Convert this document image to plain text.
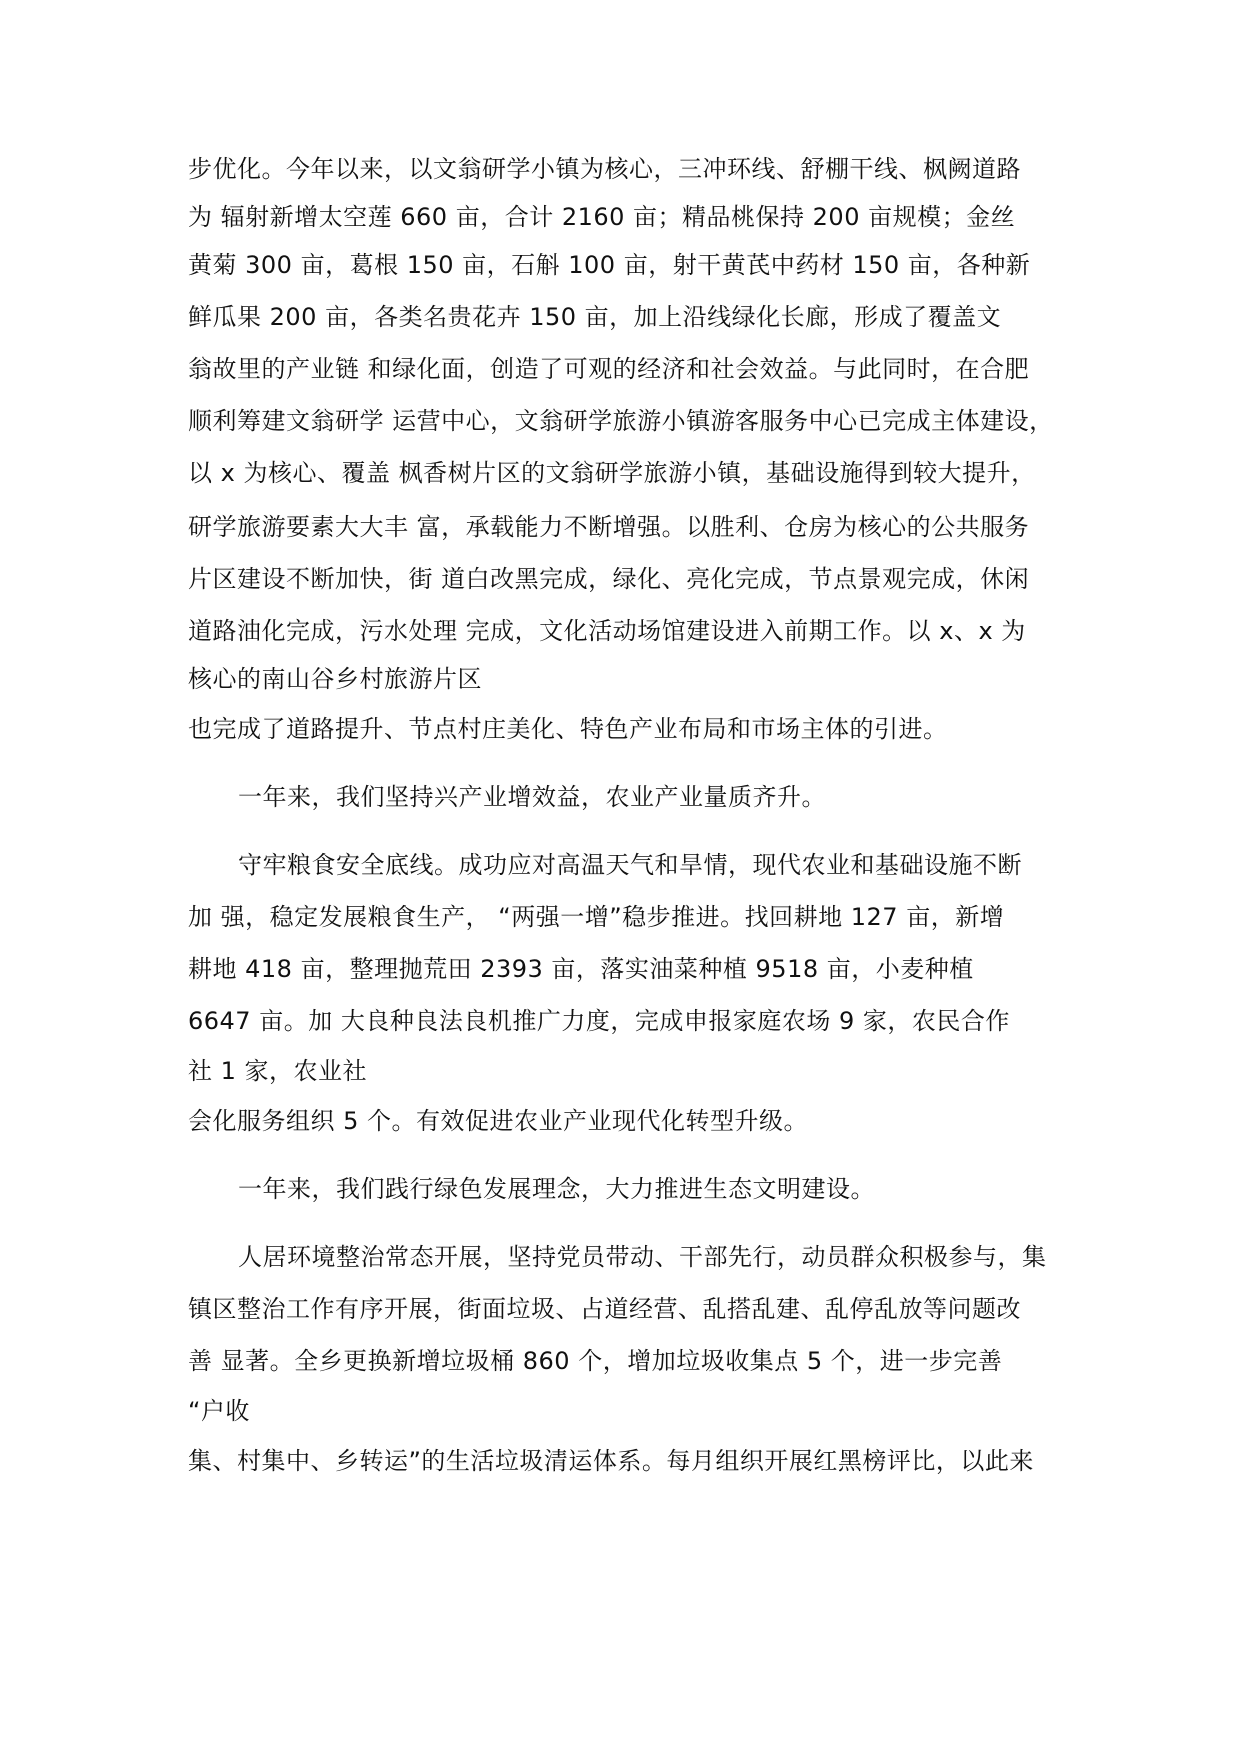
步优化。今年以来，以文翁研学小镇为核心，三冲环线、舒棚干线、枫阙道路
为 辐射新增太空莲 660 亩，合计 2160 亩；精品桃保持 200 亩规模；金丝
黄菊 300 亩，葛根 150 亩，石斛 100 亩，射干黄芪中药材 150 亩，各种新
鲜瓜果 200 亩，各类名贵花卉 150 亩，加上沿线绿化长廊，形成了覆盖文
翁故里的产业链 和绿化面，创造了可观的经济和社会效益。与此同时，在合肥
顺利筹建文翁研学 运营中心，文翁研学旅游小镇游客服务中心已完成主体建设，
以 x 为核心、覆盖 枫香树片区的文翁研学旅游小镇，基础设施得到较大提升，
研学旅游要素大大丰 富，承载能力不断增强。以胜利、仓房为核心的公共服务
片区建设不断加快，街 道白改黑完成，绿化、亮化完成，节点景观完成，休闲
道路油化完成，污水处理 完成，文化活动场馆建设进入前期工作。以 x、x 为
核心的南山谷乡村旅游片区
也完成了道路提升、节点村庄美化、特色产业布局和市场主体的引进。
一年来，我们坚持兴产业增效益，农业产业量质齐升。
守牢粮食安全底线。成功应对高温天气和旱情，现代农业和基础设施不断
加 强，稳定发展粮食生产， “两强一增”稳步推进。找回耕地 127 亩，新增
耕地 418 亩，整理抛荒田 2393 亩，落实油菜种植 9518 亩，小麦种植
6647 亩。加 大良种良法良机推广力度，完成申报家庭农场 9 家，农民合作
社 1 家，农业社
会化服务组织 5 个。有效促进农业产业现代化转型升级。
一年来，我们践行绿色发展理念，大力推进生态文明建设。
人居环境整治常态开展，坚持党员带动、干部先行，动员群众积极参与，集
镇区整治工作有序开展，街面垃圾、占道经营、乱搭乱建、乱停乱放等问题改
善 显著。全乡更换新增垃圾桶 860 个，增加垃圾收集点 5 个，进一步完善
“户收
集、村集中、乡转运”的生活垃圾清运体系。每月组织开展红黑榜评比，以此来
